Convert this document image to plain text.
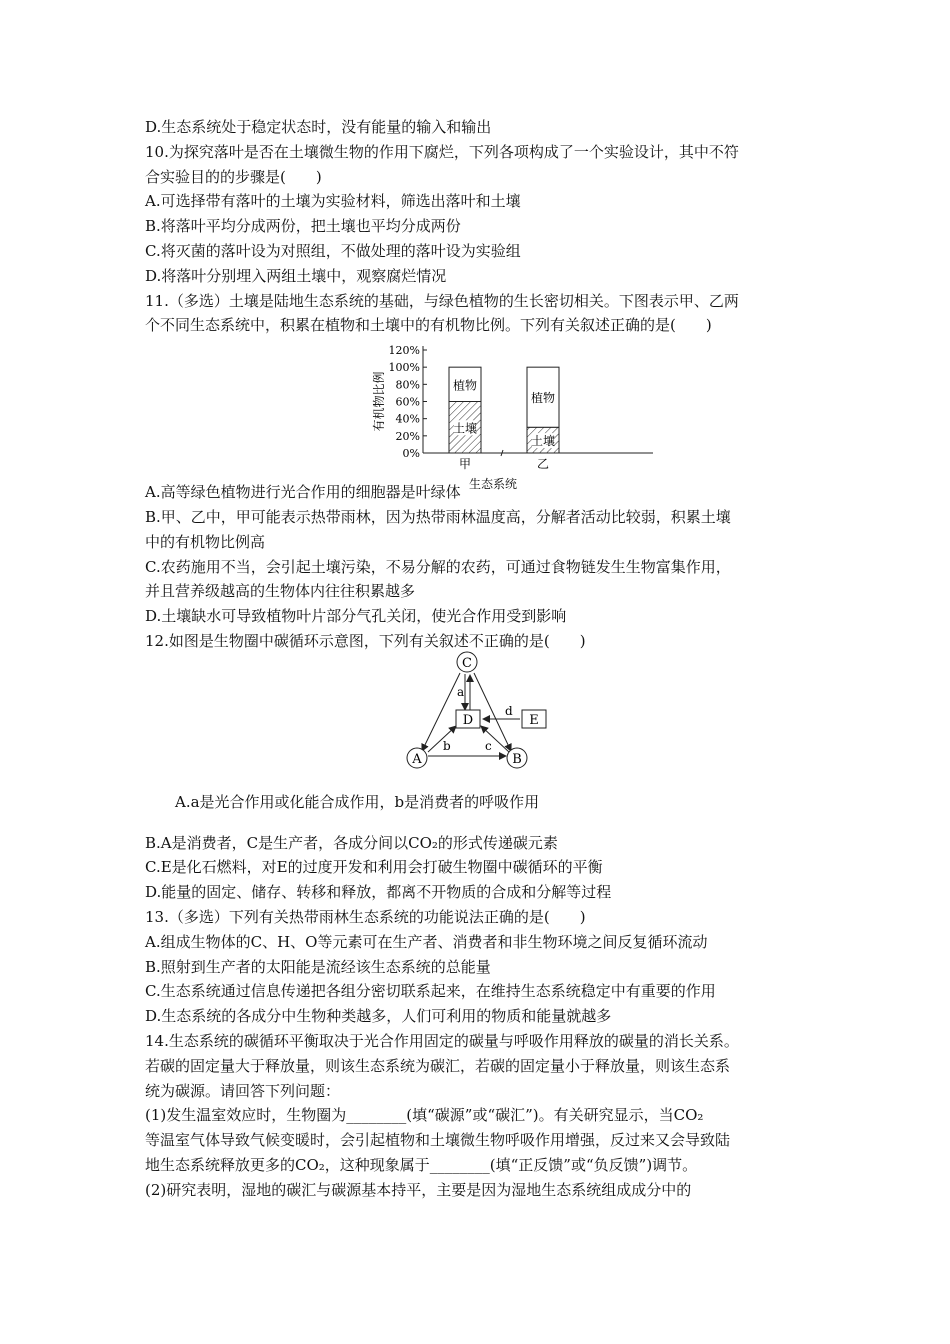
D.生态系统处于稳定状态时，没有能量的输入和输出
10.为探究落叶是否在土壤微生物的作用下腐烂，下列各项构成了一个实验设计，其中不符
合实验目的的步骤是(　　)
A.可选择带有落叶的土壤为实验材料，筛选出落叶和土壤
B.将落叶平均分成两份，把土壤也平均分成两份
C.将灭菌的落叶设为对照组，不做处理的落叶设为实验组
D.将落叶分别埋入两组土壤中，观察腐烂情况
11.（多选）土壤是陆地生态系统的基础，与绿色植物的生长密切相关。下图表示甲、乙两
个不同生态系统中，积累在植物和土壤中的有机物比例。下列有关叙述正确的是(　　)
0%
20%
40%
60%
80%
100%
120%
有机物比例	土壤
植物
甲
土壤
植物
乙
生态系统
A.高等绿色植物进行光合作用的细胞器是叶绿体
B.甲、乙中，甲可能表示热带雨林，因为热带雨林温度高，分解者活动比较弱，积累土壤
中的有机物比例高
C.农药施用不当，会引起土壤污染，不易分解的农药，可通过食物链发生生物富集作用，
并且营养级越高的生物体内往往积累越多
D.土壤缺水可导致植物叶片部分气孔关闭，使光合作用受到影响
12.如图是生物圈中碳循环示意图，下列有关叙述不正确的是(　　)
C
D	E
A	B
a
b	c
d
A.a是光合作用或化能合成作用，b是消费者的呼吸作用
B.A是消费者，C是生产者，各成分间以CO₂的形式传递碳元素
C.E是化石燃料，对E的过度开发和利用会打破生物圈中碳循环的平衡
D.能量的固定、储存、转移和释放，都离不开物质的合成和分解等过程
13.（多选）下列有关热带雨林生态系统的功能说法正确的是(　　)
A.组成生物体的C、H、O等元素可在生产者、消费者和非生物环境之间反复循环流动
B.照射到生产者的太阳能是流经该生态系统的总能量
C.生态系统通过信息传递把各组分密切联系起来，在维持生态系统稳定中有重要的作用
D.生态系统的各成分中生物种类越多，人们可利用的物质和能量就越多
14.生态系统的碳循环平衡取决于光合作用固定的碳量与呼吸作用释放的碳量的消长关系。
若碳的固定量大于释放量，则该生态系统为碳汇，若碳的固定量小于释放量，则该生态系
统为碳源。请回答下列问题：
(1)发生温室效应时，生物圈为________(填“碳源”或“碳汇”)。有关研究显示，当CO₂
等温室气体导致气候变暖时，会引起植物和土壤微生物呼吸作用增强，反过来又会导致陆
地生态系统释放更多的CO₂，这种现象属于________(填“正反馈”或“负反馈”)调节。
(2)研究表明，湿地的碳汇与碳源基本持平，主要是因为湿地生态系统组成成分中的
